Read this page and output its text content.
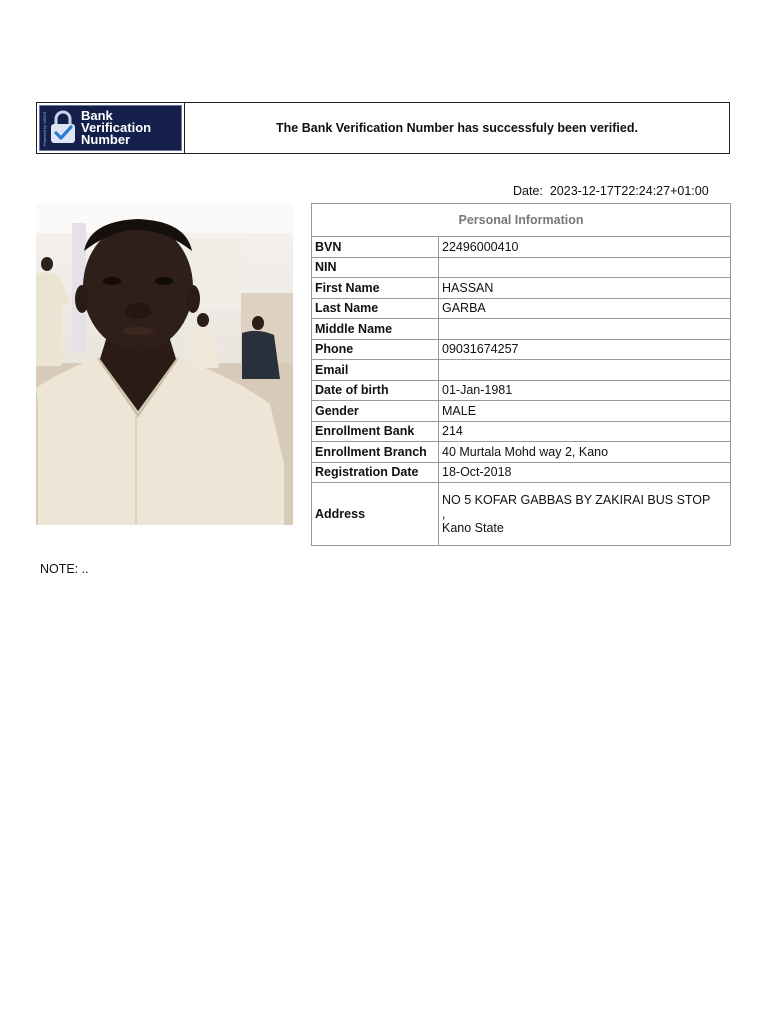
Powered by NIBSS	Bank
Verification
Number
The Bank Verification Number has successfuly been verified.
Date: 2023-12-17T22:24:27+01:00
Personal Information	
BVN	22496000410
NIN	
First Name	HASSAN
Last Name	GARBA
Middle Name	
Phone	09031674257
Email	
Date of birth	01-Jan-1981
Gender	MALE
Enrollment Bank	214
Enrollment Branch	40 Murtala Mohd way 2, Kano
Registration Date	18-Oct-2018
Address	NO 5 KOFAR GABBAS BY ZAKIRAI BUS STOP
,
Kano State
NOTE: ..
